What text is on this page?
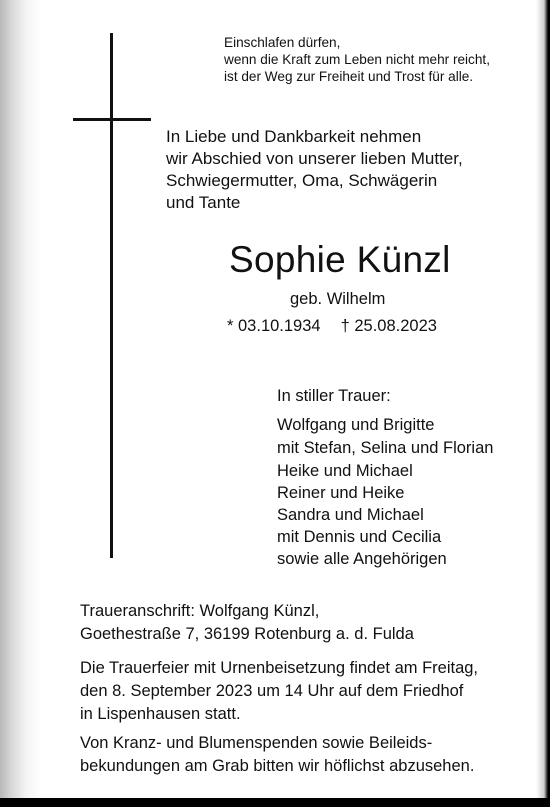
Einschlafen dürfen,
wenn die Kraft zum Leben nicht mehr reicht,
ist der Weg zur Freiheit und Trost für alle.
In Liebe und Dankbarkeit nehmen
wir Abschied von unserer lieben Mutter,
Schwiegermutter, Oma, Schwägerin
und Tante
Sophie Künzl
geb. Wilhelm
* 03.10.1934 † 25.08.2023
In stiller Trauer:
Wolfgang und Brigitte
mit Stefan, Selina und Florian
Heike und Michael
Reiner und Heike
Sandra und Michael
mit Dennis und Cecilia
sowie alle Angehörigen
Traueranschrift: Wolfgang Künzl,
Goethestraße 7, 36199 Rotenburg a. d. Fulda
Die Trauerfeier mit Urnenbeisetzung findet am Freitag,
den 8. September 2023 um 14 Uhr auf dem Friedhof
in Lispenhausen statt.
Von Kranz- und Blumenspenden sowie Beileids-
bekundungen am Grab bitten wir höflichst abzusehen.
